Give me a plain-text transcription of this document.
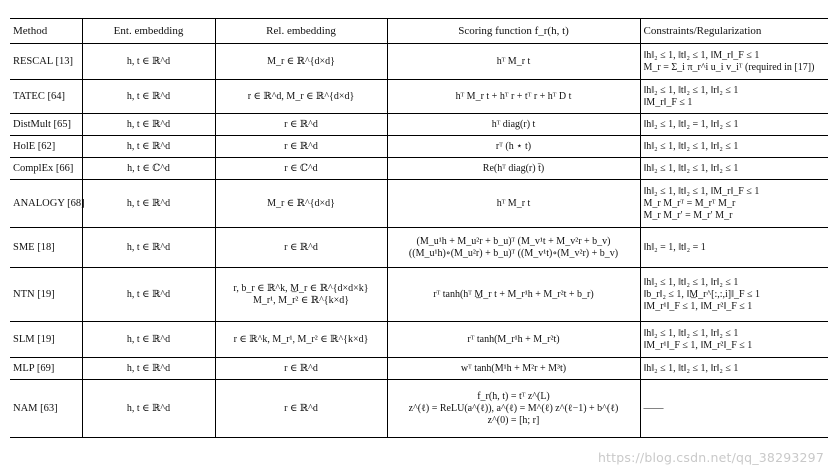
Method	Ent. embedding	Rel. embedding	Scoring function f_r(h, t)	Constraints/Regularization

RESCAL [13]	h, t ∈ ℝ^d	M_r ∈ ℝ^{d×d}	hᵀ M_r t	‖h‖₂ ≤ 1, ‖t‖₂ ≤ 1, ‖M_r‖_F ≤ 1
M_r = Σ_i π_r^i u_i v_iᵀ (required in [17])

TATEC [64]	h, t ∈ ℝ^d	r ∈ ℝ^d, M_r ∈ ℝ^{d×d}	hᵀ M_r t + hᵀ r + tᵀ r + hᵀ D t	‖h‖₂ ≤ 1, ‖t‖₂ ≤ 1, ‖r‖₂ ≤ 1
‖M_r‖_F ≤ 1

DistMult [65]	h, t ∈ ℝ^d	r ∈ ℝ^d	hᵀ diag(r) t	‖h‖₂ ≤ 1, ‖t‖₂ = 1, ‖r‖₂ ≤ 1

HolE [62]	h, t ∈ ℝ^d	r ∈ ℝ^d	rᵀ (h ⋆ t)	‖h‖₂ ≤ 1, ‖t‖₂ ≤ 1, ‖r‖₂ ≤ 1

ComplEx [66]	h, t ∈ ℂ^d	r ∈ ℂ^d	Re(hᵀ diag(r) t̄)	‖h‖₂ ≤ 1, ‖t‖₂ ≤ 1, ‖r‖₂ ≤ 1

ANALOGY [68]	h, t ∈ ℝ^d	M_r ∈ ℝ^{d×d}	hᵀ M_r t	‖h‖₂ ≤ 1, ‖t‖₂ ≤ 1, ‖M_r‖_F ≤ 1
M_r M_rᵀ = M_rᵀ M_r
M_r M_r′ = M_r′ M_r

SME [18]	h, t ∈ ℝ^d	r ∈ ℝ^d	(M_u¹h + M_u²r + b_u)ᵀ (M_v¹t + M_v²r + b_v)
((M_u¹h)∘(M_u²r) + b_u)ᵀ ((M_v¹t)∘(M_v²r) + b_v)	‖h‖₂ = 1, ‖t‖₂ = 1

NTN [19]	h, t ∈ ℝ^d	r, b_r ∈ ℝ^k, M̲_r ∈ ℝ^{d×d×k}
M_r¹, M_r² ∈ ℝ^{k×d}	rᵀ tanh(hᵀ M̲_r t + M_r¹h + M_r²t + b_r)	‖h‖₂ ≤ 1, ‖t‖₂ ≤ 1, ‖r‖₂ ≤ 1
‖b_r‖₂ ≤ 1, ‖M̲_r^[:,:,i]‖_F ≤ 1
‖M_r¹‖_F ≤ 1, ‖M_r²‖_F ≤ 1

SLM [19]	h, t ∈ ℝ^d	r ∈ ℝ^k, M_r¹, M_r² ∈ ℝ^{k×d}	rᵀ tanh(M_r¹h + M_r²t)	‖h‖₂ ≤ 1, ‖t‖₂ ≤ 1, ‖r‖₂ ≤ 1
‖M_r¹‖_F ≤ 1, ‖M_r²‖_F ≤ 1

MLP [69]	h, t ∈ ℝ^d	r ∈ ℝ^d	wᵀ tanh(M¹h + M²r + M³t)	‖h‖₂ ≤ 1, ‖t‖₂ ≤ 1, ‖r‖₂ ≤ 1

NAM [63]	h, t ∈ ℝ^d	r ∈ ℝ^d	f_r(h, t) = tᵀ z^(L)
z^(ℓ) = ReLU(a^(ℓ)), a^(ℓ) = M^(ℓ) z^(ℓ−1) + b^(ℓ)
z^(0) = [h; r]	——
https://blog.csdn.net/qq_38293297
